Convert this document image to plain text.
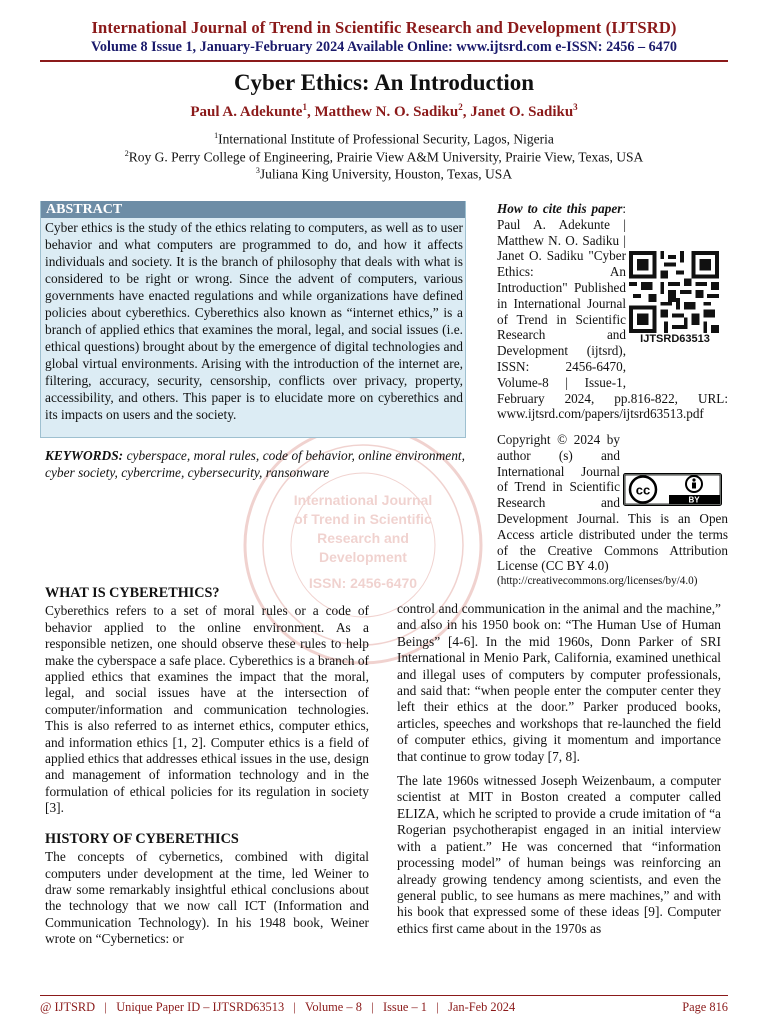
International Journal of Trend in Scientific Research and Development (IJTSRD)
Volume 8 Issue 1, January-February 2024 Available Online: www.ijtsrd.com e-ISSN: 2456 – 6470
Cyber Ethics: An Introduction
Paul A. Adekunte$^1$, Matthew N. O. Sadiku$^2$, Janet O. Sadiku$^3$
$^1$International Institute of Professional Security, Lagos, Nigeria
$^2$Roy G. Perry College of Engineering, Prairie View A&M University, Prairie View, Texas, USA
$^3$Juliana King University, Houston, Texas, USA
International Journal
of Trend in Scientific
Research and
Development
ISSN: 2456-6470
ABSTRACT
Cyber ethics is the study of the ethics relating to computers, as well as to user behavior and what computers are programmed to do, and how it affects individuals and society. It is the branch of philosophy that deals with what is considered to be right or wrong. Since the advent of computers, various governments have enacted regulations and while organizations have defined policies about cyberethics. Cyberethics also known as “internet ethics,” is a branch of applied ethics that examines the moral, legal, and social issues (i.e. ethical questions) brought about by the emergence of digital technologies and global virtual environments. Arising with the introduction of the internet are, filtering, accuracy, security, censorship, conflicts over privacy, property, accessibility, and others. This paper is to elucidate more on cyberethics and its impacts on users and the society.
KEYWORDS: cyberspace, moral rules, code of behavior, online environment, cyber society, cybercrime, cybersecurity, ransonware
How to cite this paper: Paul A. Adekunte | Matthew N. O. Sadiku | Janet O. Sadiku "Cyber Ethics: An Introduction" Published in International Journal of Trend in Scientific Research and Development (ijtsrd), ISSN: 2456-6470, Volume-8 | Issue-1, February 2024, pp.816-822, URL: www.ijtsrd.com/papers/ijtsrd63513.pdf
IJTSRD63513
Copyright © 2024 by author (s) and International Journal of Trend in Scientific Research and Development Journal. This is an Open Access article distributed under the terms of the Creative Commons Attribution License (CC BY 4.0)
(http://creativecommons.org/licenses/by/4.0)
cc
BY
WHAT IS CYBERETHICS?

Cyberethics refers to a set of moral rules or a code of behavior applied to the online environment. As a responsible netizen, one should observe these rules to help make the cyberspace a safe place. Cyberethics is a branch of applied ethics that examines the impact that the moral, legal, and social issues have at the intersection of computer/information and communication technologies. This is also referred to as internet ethics, computer ethics, and information ethics [1, 2]. Computer ethics is a field of applied ethics that addresses ethical issues in the use, design and management of information technology and in the formulation of ethical policies for its regulation in society [3].

HISTORY OF CYBERETHICS

The concepts of cybernetics, combined with digital computers under development at the time, led Weiner to draw some remarkably insightful ethical conclusions about the technology that we now call ICT (Information and Communication Technology). In his 1948 book, Weiner wrote on “Cybernetics: or

control and communication in the animal and the machine,” and also in his 1950 book on: “The Human Use of Human Beings” [4-6]. In the mid 1960s, Donn Parker of SRI International in Menio Park, California, examined unethical and illegal uses of computers by computer professionals, and said that: “when people enter the computer center they left their ethics at the door.” Parker produced books, articles, speeches and workshops that re-launched the field of computer ethics, giving it momentum and importance that continue to grow today [7, 8].

The late 1960s witnessed Joseph Weizenbaum, a computer scientist at MIT in Boston created a computer called ELIZA, which he scripted to provide a crude imitation of “a Rogerian psychotherapist engaged in an initial interview with a patient.” He was concerned that “information processing model” of human beings was reinforcing an already growing tendency among scientists, and even the general public, to see humans as mere machines,” and with his book that expressed some of these ideas [9]. Computer ethics first came about in the 1970s as

@ IJTSRD   |   Unique Paper ID – IJTSRD63513   |   Volume – 8   |   Issue – 1   |   Jan-Feb 2024	Page 816
